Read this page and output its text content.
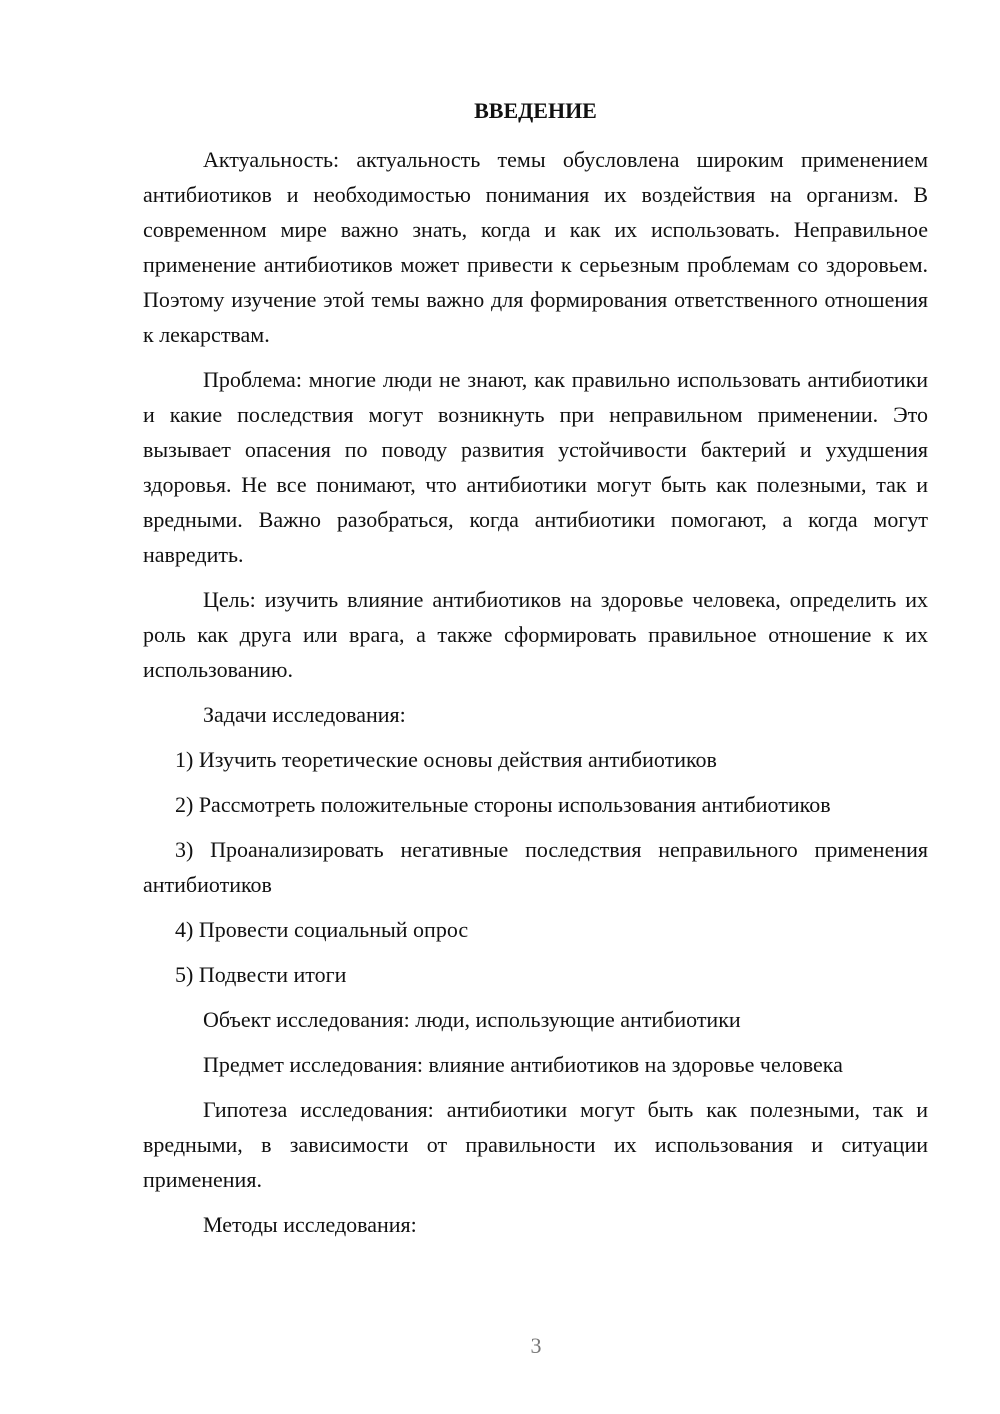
ВВЕДЕНИЕ

Актуальность: актуальность темы обусловлена широким применением антибиотиков и необходимостью понимания их воздействия на организм. В современном мире важно знать, когда и как их использовать. Неправильное применение антибиотиков может привести к серьезным проблемам со здоровьем. Поэтому изучение этой темы важно для формирования ответственного отношения к лекарствам.

Проблема: многие люди не знают, как правильно использовать антибиотики и какие последствия могут возникнуть при неправильном применении. Это вызывает опасения по поводу развития устойчивости бактерий и ухудшения здоровья. Не все понимают, что антибиотики могут быть как полезными, так и вредными. Важно разобраться, когда антибиотики помогают, а когда могут навредить.

Цель: изучить влияние антибиотиков на здоровье человека, определить их роль как друга или врага, а также сформировать правильное отношение к их использованию.

Задачи исследования:

1) Изучить теоретические основы действия антибиотиков

2) Рассмотреть положительные стороны использования антибиотиков

3) Проанализировать негативные последствия неправильного применения антибиотиков

4) Провести социальный опрос

5) Подвести итоги

Объект исследования: люди, использующие антибиотики

Предмет исследования: влияние антибиотиков на здоровье человека

Гипотеза исследования: антибиотики могут быть как полезными, так и вредными, в зависимости от правильности их использования и ситуации применения.

Методы исследования:

3
